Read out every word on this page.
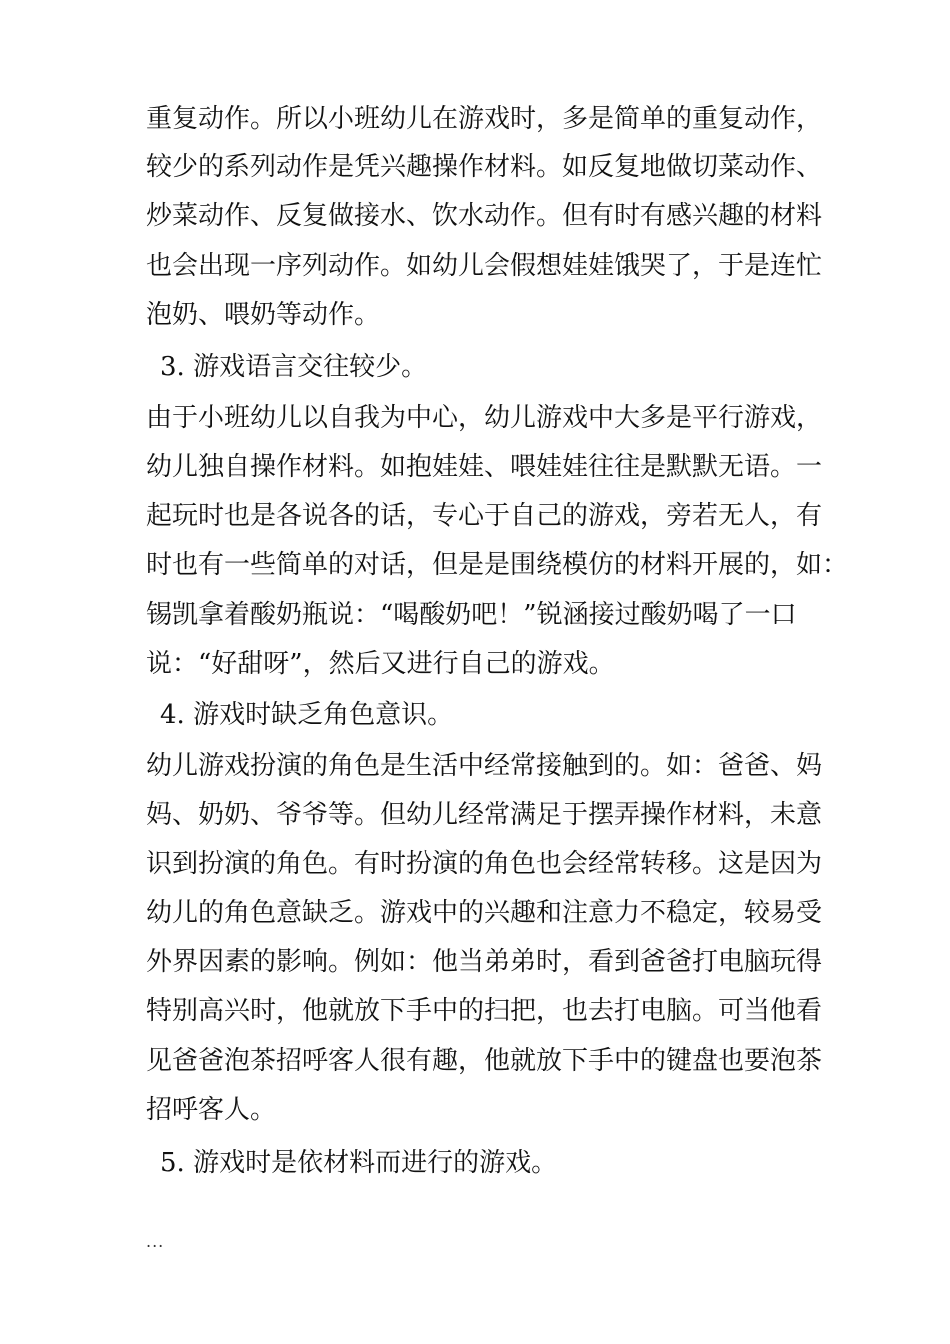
重复动作。所以小班幼儿在游戏时，多是简单的重复动作，
较少的系列动作是凭兴趣操作材料。如反复地做切菜动作、
炒菜动作、反复做接水、饮水动作。但有时有感兴趣的材料
也会出现一序列动作。如幼儿会假想娃娃饿哭了，于是连忙
泡奶、喂奶等动作。
3. 游戏语言交往较少。
由于小班幼儿以自我为中心，幼儿游戏中大多是平行游戏，
幼儿独自操作材料。如抱娃娃、喂娃娃往往是默默无语。一
起玩时也是各说各的话，专心于自己的游戏，旁若无人，有
时也有一些简单的对话，但是是围绕模仿的材料开展的，如：
锡凯拿着酸奶瓶说：“喝酸奶吧！”锐涵接过酸奶喝了一口
说：“好甜呀”，然后又进行自己的游戏。
4. 游戏时缺乏角色意识。
幼儿游戏扮演的角色是生活中经常接触到的。如：爸爸、妈
妈、奶奶、爷爷等。但幼儿经常满足于摆弄操作材料，未意
识到扮演的角色。有时扮演的角色也会经常转移。这是因为
幼儿的角色意缺乏。游戏中的兴趣和注意力不稳定，较易受
外界因素的影响。例如：他当弟弟时，看到爸爸打电脑玩得
特别高兴时，他就放下手中的扫把，也去打电脑。可当他看
见爸爸泡茶招呼客人很有趣，他就放下手中的键盘也要泡茶
招呼客人。
5. 游戏时是依材料而进行的游戏。
...
